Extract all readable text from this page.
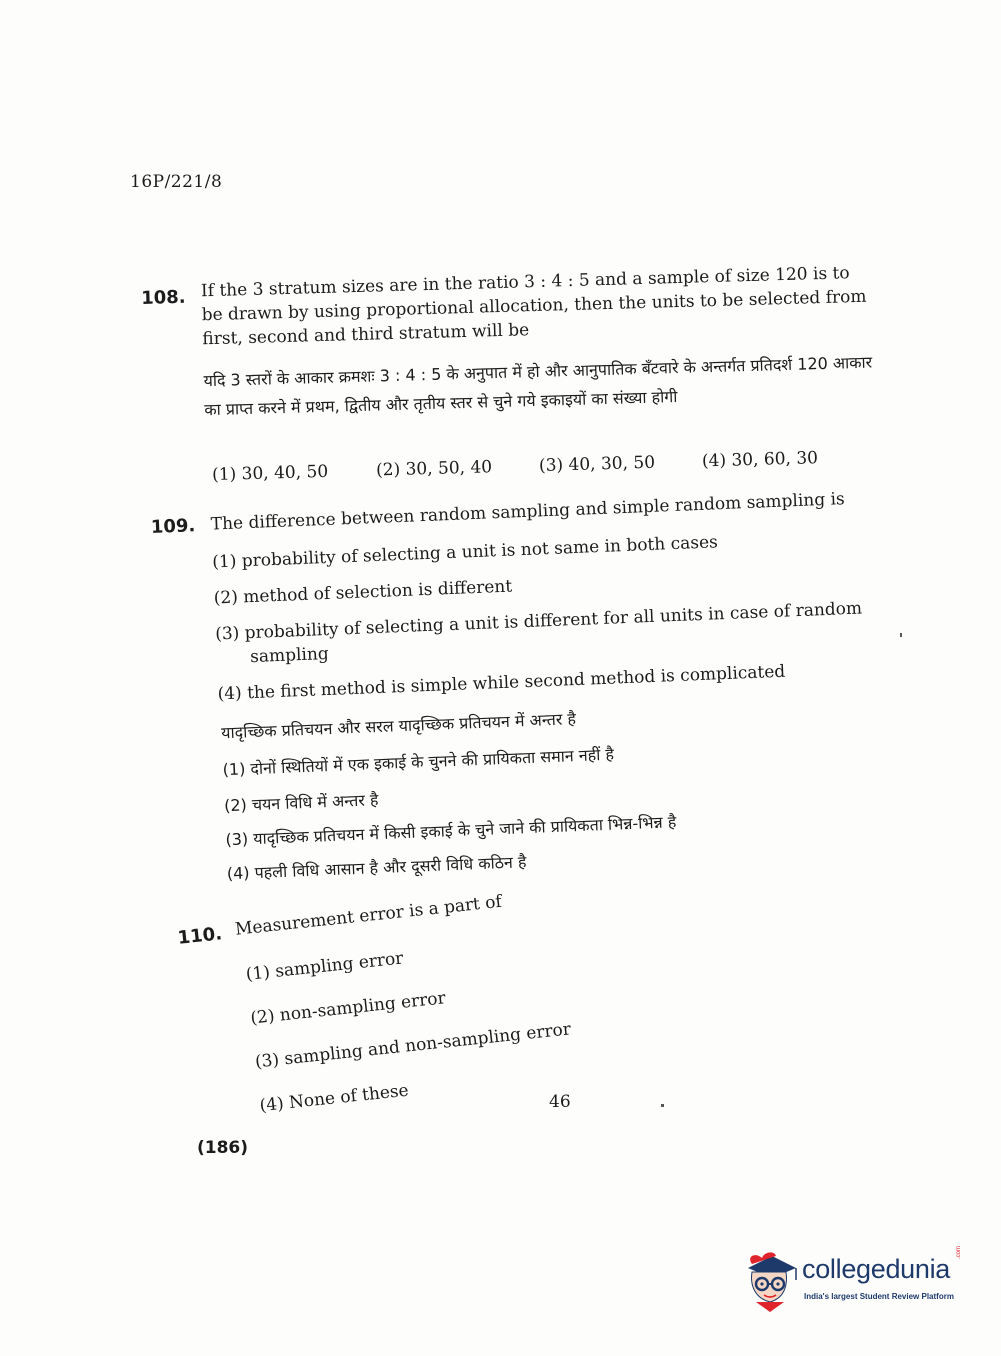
16P/221/8
108. If the 3 stratum sizes are in the ratio 3 : 4 : 5 and a sample of size 120 is to be drawn by using proportional allocation, then the units to be selected from first, second and third stratum will be
यदि 3 स्तरों के आकार क्रमशः 3 : 4 : 5 के अनुपात में हो और आनुपातिक बँटवारे के अन्तर्गत प्रतिदर्श 120 आकार का प्राप्त करने में प्रथम, द्वितीय और तृतीय स्तर से चुने गये इकाइयों का संख्या होगी
(1) 30, 40, 50	(2) 30, 50, 40	(3) 40, 30, 50	(4) 30, 60, 30
109. The difference between random sampling and simple random sampling is
(1) probability of selecting a unit is not same in both cases
(2) method of selection is different
(3) probability of selecting a unit is different for all units in case of random sampling
(4) the first method is simple while second method is complicated
यादृच्छिक प्रतिचयन और सरल यादृच्छिक प्रतिचयन में अन्तर है
(1) दोनों स्थितियों में एक इकाई के चुनने की प्रायिकता समान नहीं है
(2) चयन विधि में अन्तर है
(3) यादृच्छिक प्रतिचयन में किसी इकाई के चुने जाने की प्रायिकता भिन्न-भिन्न है
(4) पहली विधि आसान है और दूसरी विधि कठिन है
110. Measurement error is a part of
(1) sampling error
(2) non-sampling error
(3) sampling and non-sampling error
(4) None of these	46
(186)
collegedunia
.com
India's largest Student Review Platform
